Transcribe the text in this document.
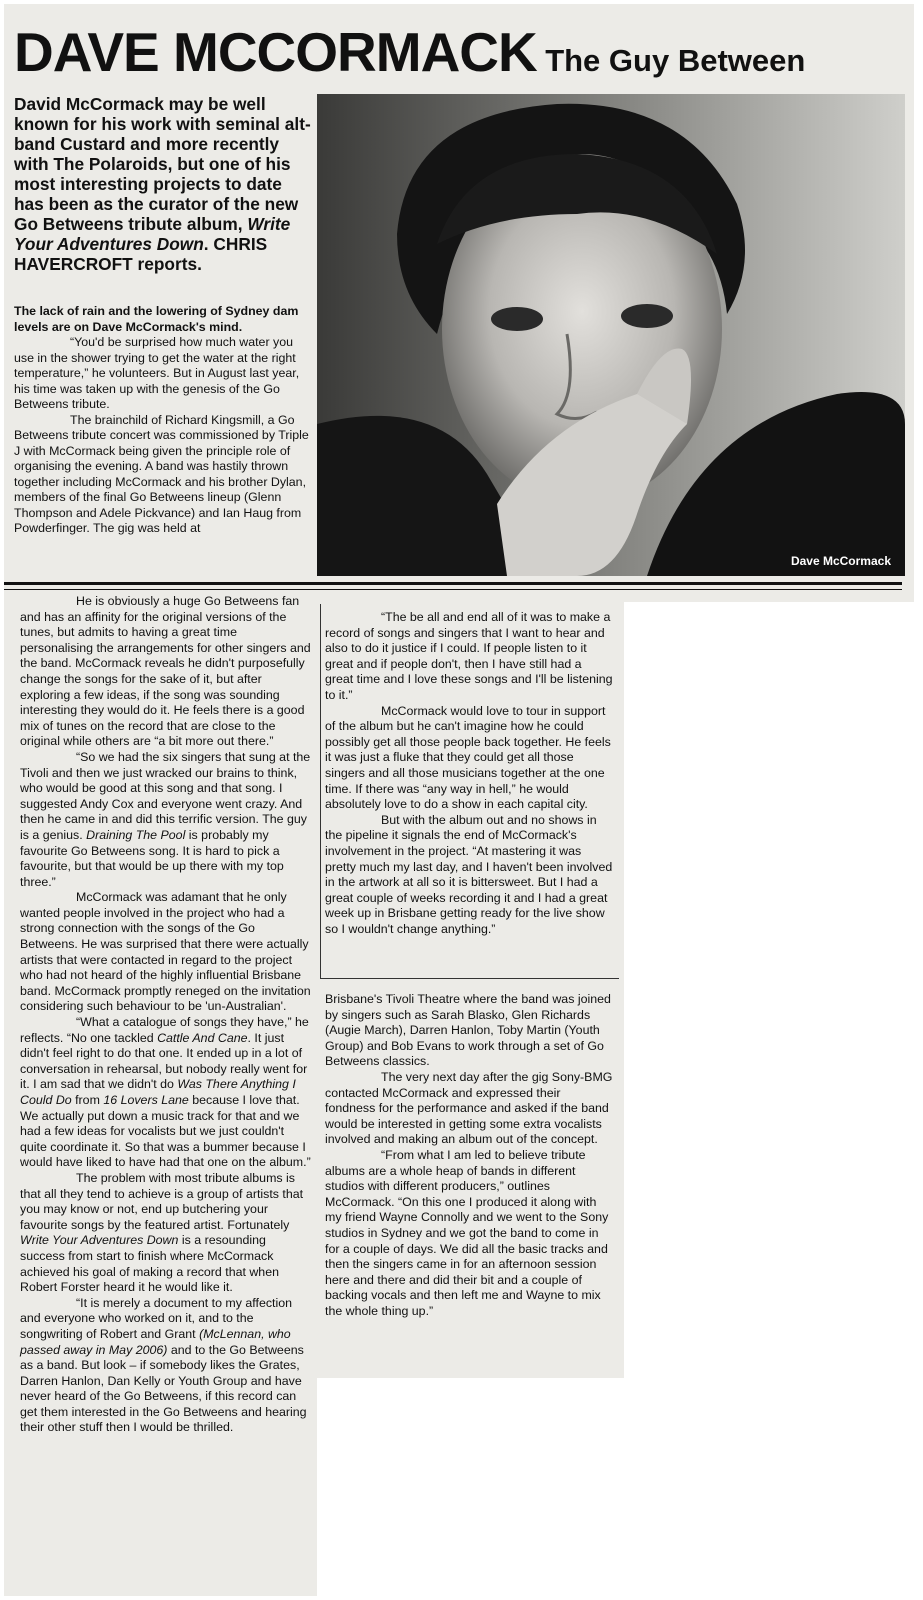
DAVE MCCORMACK The Guy Between
David McCormack may be well known for his work with seminal alt-band Custard and more recently with The Polaroids, but one of his most interesting projects to date has been as the curator of the new Go Betweens tribute album, Write Your Adventures Down. CHRIS HAVERCROFT reports.

The lack of rain and the lowering of Sydney dam levels are on Dave McCormack's mind.

“You'd be surprised how much water you use in the shower trying to get the water at the right temperature,” he volunteers. But in August last year, his time was taken up with the genesis of the Go Betweens tribute.

The brainchild of Richard Kingsmill, a Go Betweens tribute concert was commissioned by Triple J with McCormack being given the principle role of organising the evening. A band was hastily thrown together including McCormack and his brother Dylan, members of the final Go Betweens lineup (Glenn Thompson and Adele Pickvance) and Ian Haug from Powderfinger. The gig was held at

Dave McCormack

He is obviously a huge Go Betweens fan and has an affinity for the original versions of the tunes, but admits to having a great time personalising the arrangements for other singers and the band. McCormack reveals he didn't purposefully change the songs for the sake of it, but after exploring a few ideas, if the song was sounding interesting they would do it. He feels there is a good mix of tunes on the record that are close to the original while others are “a bit more out there.”

“So we had the six singers that sung at the Tivoli and then we just wracked our brains to think, who would be good at this song and that song. I suggested Andy Cox and everyone went crazy. And then he came in and did this terrific version. The guy is a genius. Draining The Pool is probably my favourite Go Betweens song. It is hard to pick a favourite, but that would be up there with my top three.”

McCormack was adamant that he only wanted people involved in the project who had a strong connection with the songs of the Go Betweens. He was surprised that there were actually artists that were contacted in regard to the project who had not heard of the highly influential Brisbane band. McCormack promptly reneged on the invitation considering such behaviour to be 'un-Australian'.

“What a catalogue of songs they have,” he reflects. “No one tackled Cattle And Cane. It just didn't feel right to do that one. It ended up in a lot of conversation in rehearsal, but nobody really went for it. I am sad that we didn't do Was There Anything I Could Do from 16 Lovers Lane because I love that. We actually put down a music track for that and we had a few ideas for vocalists but we just couldn't quite coordinate it. So that was a bummer because I would have liked to have had that one on the album.”

The problem with most tribute albums is that all they tend to achieve is a group of artists that you may know or not, end up butchering your favourite songs by the featured artist. Fortunately Write Your Adventures Down is a resounding success from start to finish where McCormack achieved his goal of making a record that when Robert Forster heard it he would like it.

“It is merely a document to my affection and everyone who worked on it, and to the songwriting of Robert and Grant (McLennan, who passed away in May 2006) and to the Go Betweens as a band. But look – if somebody likes the Grates, Darren Hanlon, Dan Kelly or Youth Group and have never heard of the Go Betweens, if this record can get them interested in the Go Betweens and hearing their other stuff then I would be thrilled.

“The be all and end all of it was to make a record of songs and singers that I want to hear and also to do it justice if I could. If people listen to it great and if people don't, then I have still had a great time and I love these songs and I'll be listening to it.”

McCormack would love to tour in support of the album but he can't imagine how he could possibly get all those people back together. He feels it was just a fluke that they could get all those singers and all those musicians together at the one time. If there was “any way in hell,” he would absolutely love to do a show in each capital city.

But with the album out and no shows in the pipeline it signals the end of McCormack's involvement in the project. “At mastering it was pretty much my last day, and I haven't been involved in the artwork at all so it is bittersweet. But I had a great couple of weeks recording it and I had a great week up in Brisbane getting ready for the live show so I wouldn't change anything.”

Brisbane's Tivoli Theatre where the band was joined by singers such as Sarah Blasko, Glen Richards (Augie March), Darren Hanlon, Toby Martin (Youth Group) and Bob Evans to work through a set of Go Betweens classics.

The very next day after the gig Sony-BMG contacted McCormack and expressed their fondness for the performance and asked if the band would be interested in getting some extra vocalists involved and making an album out of the concept.

“From what I am led to believe tribute albums are a whole heap of bands in different studios with different producers,” outlines McCormack. “On this one I produced it along with my friend Wayne Connolly and we went to the Sony studios in Sydney and we got the band to come in for a couple of days. We did all the basic tracks and then the singers came in for an afternoon session here and there and did their bit and a couple of backing vocals and then left me and Wayne to mix the whole thing up.”
